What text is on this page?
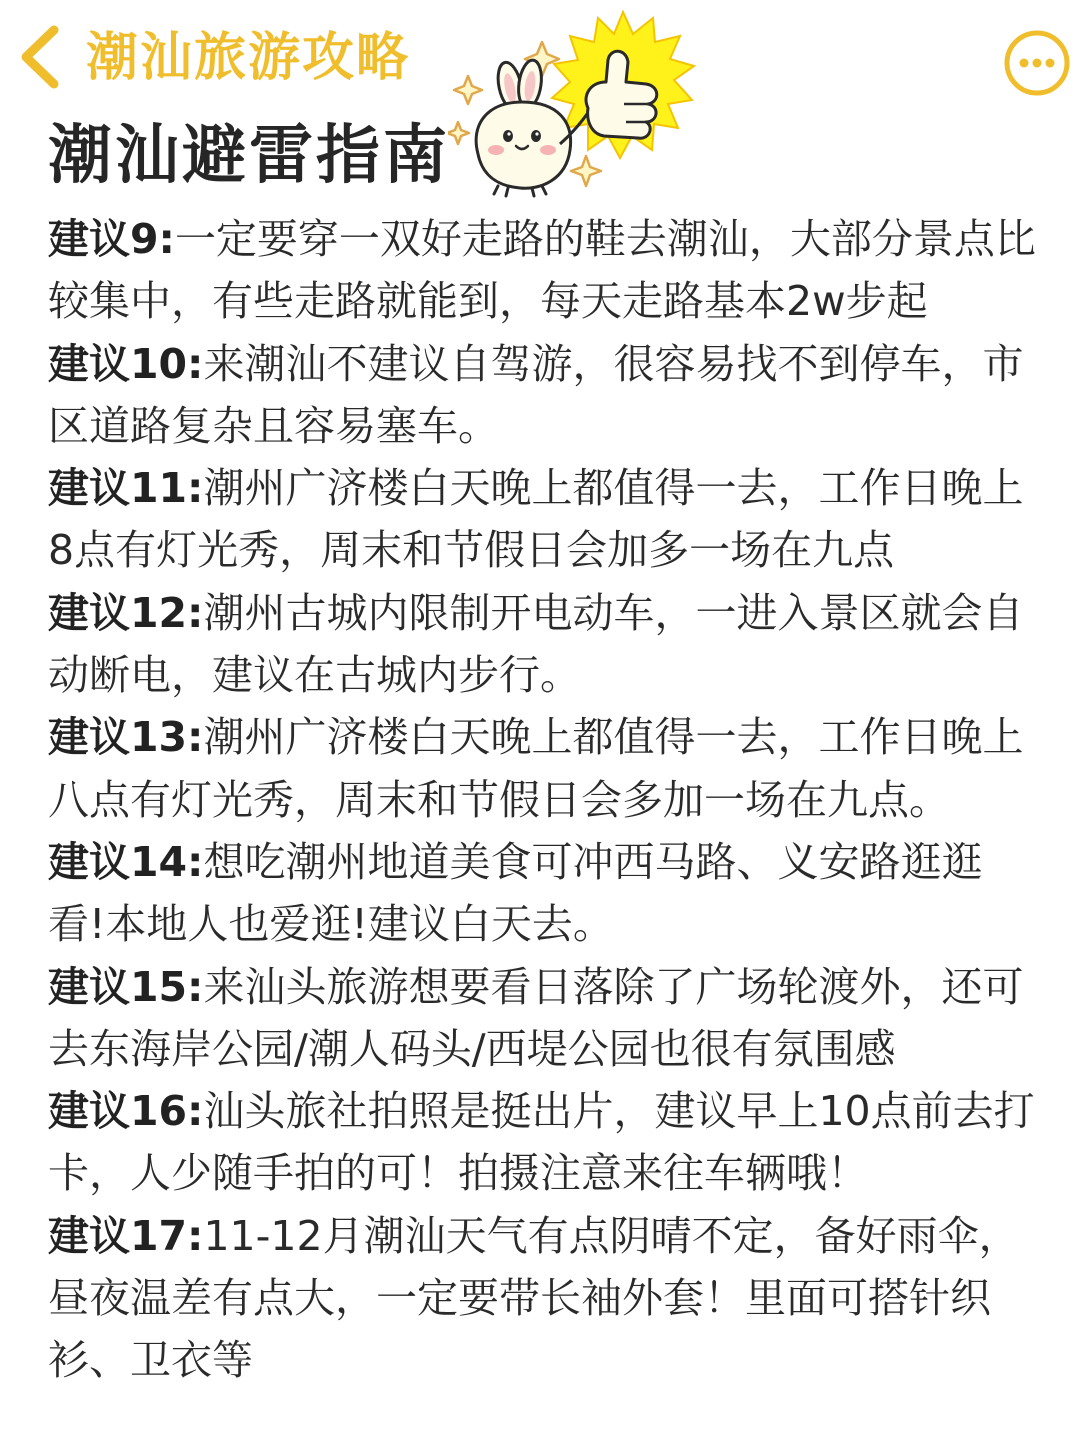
潮汕旅游攻略
潮汕避雷指南
建议9:一定要穿一双好走路的鞋去潮汕，大部分景点比较集中，有些走路就能到，每天走路基本2w步起
建议10:来潮汕不建议自驾游，很容易找不到停车，市区道路复杂且容易塞车。
建议11:潮州广济楼白天晚上都值得一去，工作日晚上8点有灯光秀，周末和节假日会加多一场在九点
建议12:潮州古城内限制开电动车，一进入景区就会自动断电，建议在古城内步行。
建议13:潮州广济楼白天晚上都值得一去，工作日晚上八点有灯光秀，周末和节假日会多加一场在九点。
建议14:想吃潮州地道美食可冲西马路、义安路逛逛看!本地人也爱逛!建议白天去。
建议15:来汕头旅游想要看日落除了广场轮渡外，还可去东海岸公园/潮人码头/西堤公园也很有氛围感
建议16:汕头旅社拍照是挺出片，建议早上10点前去打卡，人少随手拍的可！拍摄注意来往车辆哦！
建议17:11-12月潮汕天气有点阴晴不定，备好雨伞，昼夜温差有点大，一定要带长袖外套！里面可搭针织衫、卫衣等
